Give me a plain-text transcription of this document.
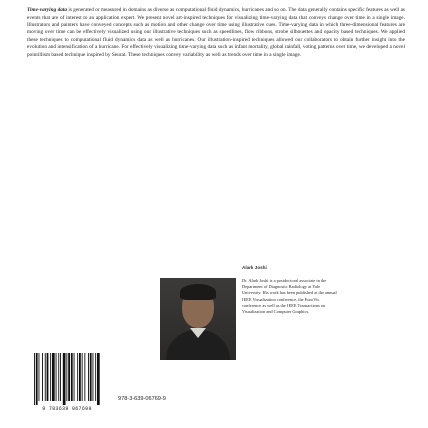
Time-varying data is generated or measured in domains as diverse as computational fluid dynamics, hurricanes and so on. The data generally contains specific features as well as events that are of interest to an application expert. We present novel art-inspired techniques for visualizing time-varying data that conveys change over time in a single image. Illustrators and painters have conveyed concepts such as motion and other change over time using illustrative cues. Time-varying data in which three-dimensional features are moving over time can be effectively visualized using our illustrative techniques such as speedlines, flow ribbons, strobe silhouettes and opacity based techniques. We applied these techniques to computational fluid dynamics data as well as hurricanes. Our illustration-inspired techniques allowed our collaborators to obtain further insight into the evolution and intensification of a hurricane. For effectively visualizing time-varying data such as infant mortality, global rainfall, voting patterns over time, we developed a novel pointillism based technique inspired by Seurat. These techniques convey variability as well as trends over time in a single image.

Alark Joshi
Dr. Alark Joshi is a postdoctoral associate in the Department of Diagnostic Radiology at Yale University. His work has been published at the annual IEEE Visualization conference, the EuroVis conference as well as the IEEE Transactions on Visualization and Computer Graphics.
9 783639 067699
978-3-639-06769-9
